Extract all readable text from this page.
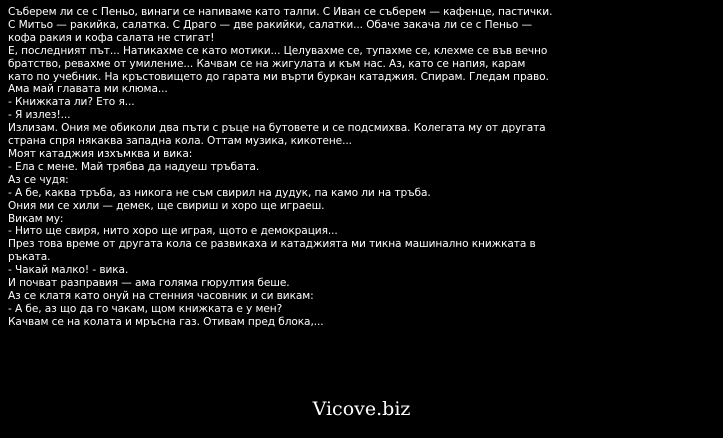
Съберем ли се с Пеньо, винаги се напиваме като талпи. С Иван се съберем — кафенце, пастички.
С Митьо — ракийка, салатка. С Драго — две ракийки, салатки... Обаче закача ли се с Пеньо —
кофа ракия и кофа салата не стигат!
Е, последният път... Натикахме се като мотики... Целувахме се, тупахме се, клехме се във вечно
братство, ревахме от умиление... Качвам се на жигулата и към нас. Аз, като се напия, карам
като по учебник. На кръстовището до гарата ми върти буркан катаджия. Спирам. Гледам право.
Ама май главата ми клюма...
- Книжката ли? Ето я...
- Я излез!...
Излизам. Ония ме обиколи два пъти с ръце на бутовете и се подсмихва. Колегата му от другата
страна спря някаква западна кола. Оттам музика, кикотене...
Моят катаджия изхъмква и вика:
- Ела с мене. Май трябва да надуеш тръбата.
Аз се чудя:
- А бе, каква тръба, аз никога не съм свирил на дудук, па камо ли на тръба.
Ония ми се хили — демек, ще свириш и хоро ще играеш.
Викам му:
- Нито ще свиря, нито хоро ще играя, щото е демокрация...
През това време от другата кола се развикаха и катаджията ми тикна машинално книжката в
ръката.
- Чакай малко! - вика.
И почват разправия — ама голяма гюрултия беше.
Аз се клатя като онуй на стенния часовник и си викам:
- А бе, аз що да го чакам, щом книжката е у мен?
Качвам се на колата и мръсна газ. Отивам пред блока,...
Vicove.biz
